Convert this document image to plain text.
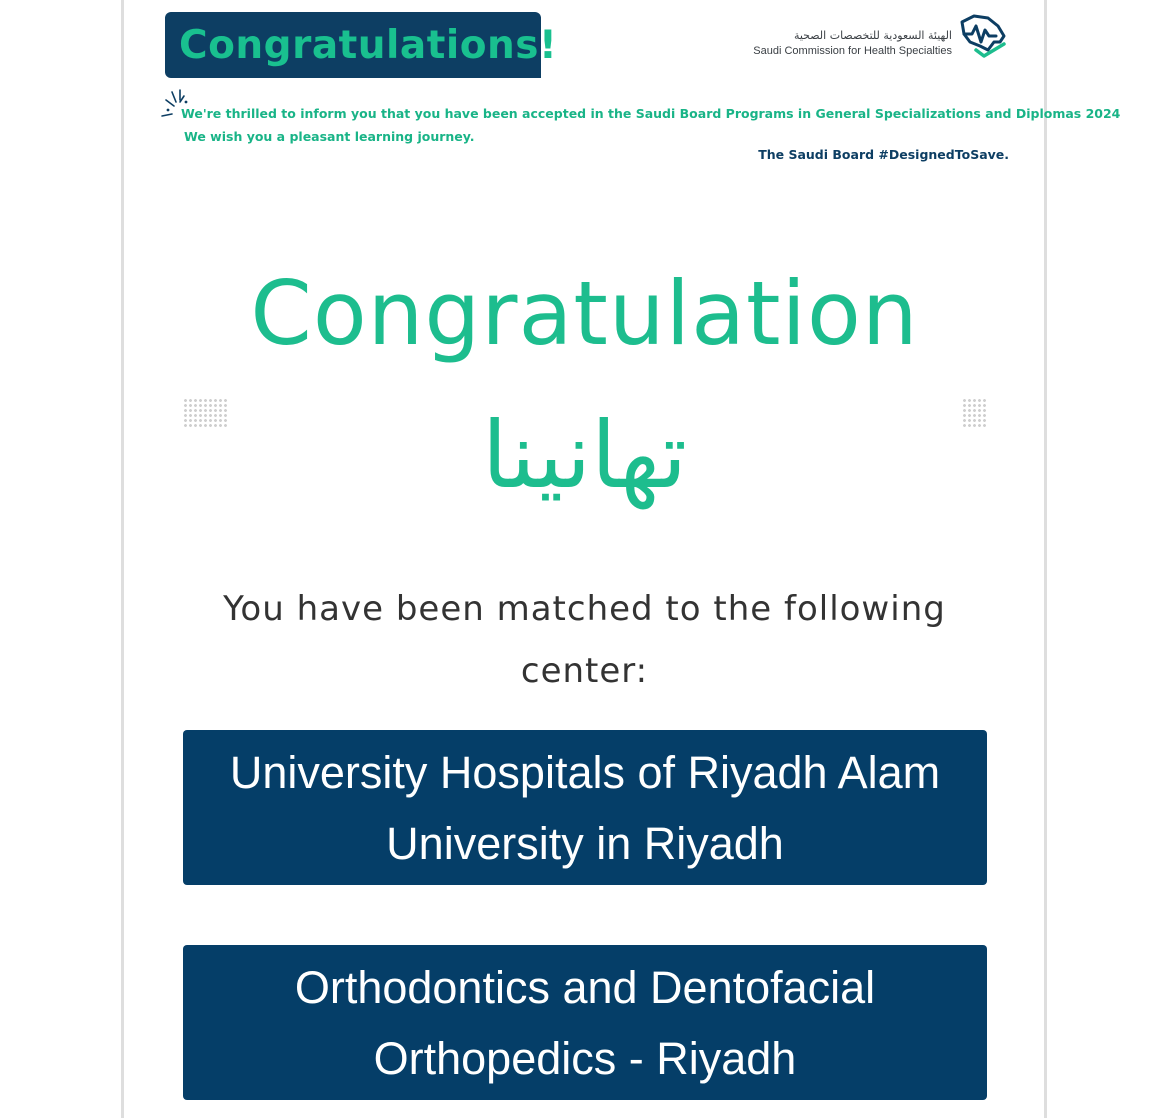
Congratulations!	الهيئة السعودية للتخصصات الصحية
Saudi Commission for Health Specialties
We're thrilled to inform you that you have been accepted in the Saudi Board Programs in General Specializations and Diplomas 2024
We wish you a pleasant learning journey.
The Saudi Board #DesignedToSave.
Congratulation
تهانينا
You have been matched to the following center:
University Hospitals of Riyadh Alam University in Riyadh
Orthodontics and Dentofacial Orthopedics - Riyadh
